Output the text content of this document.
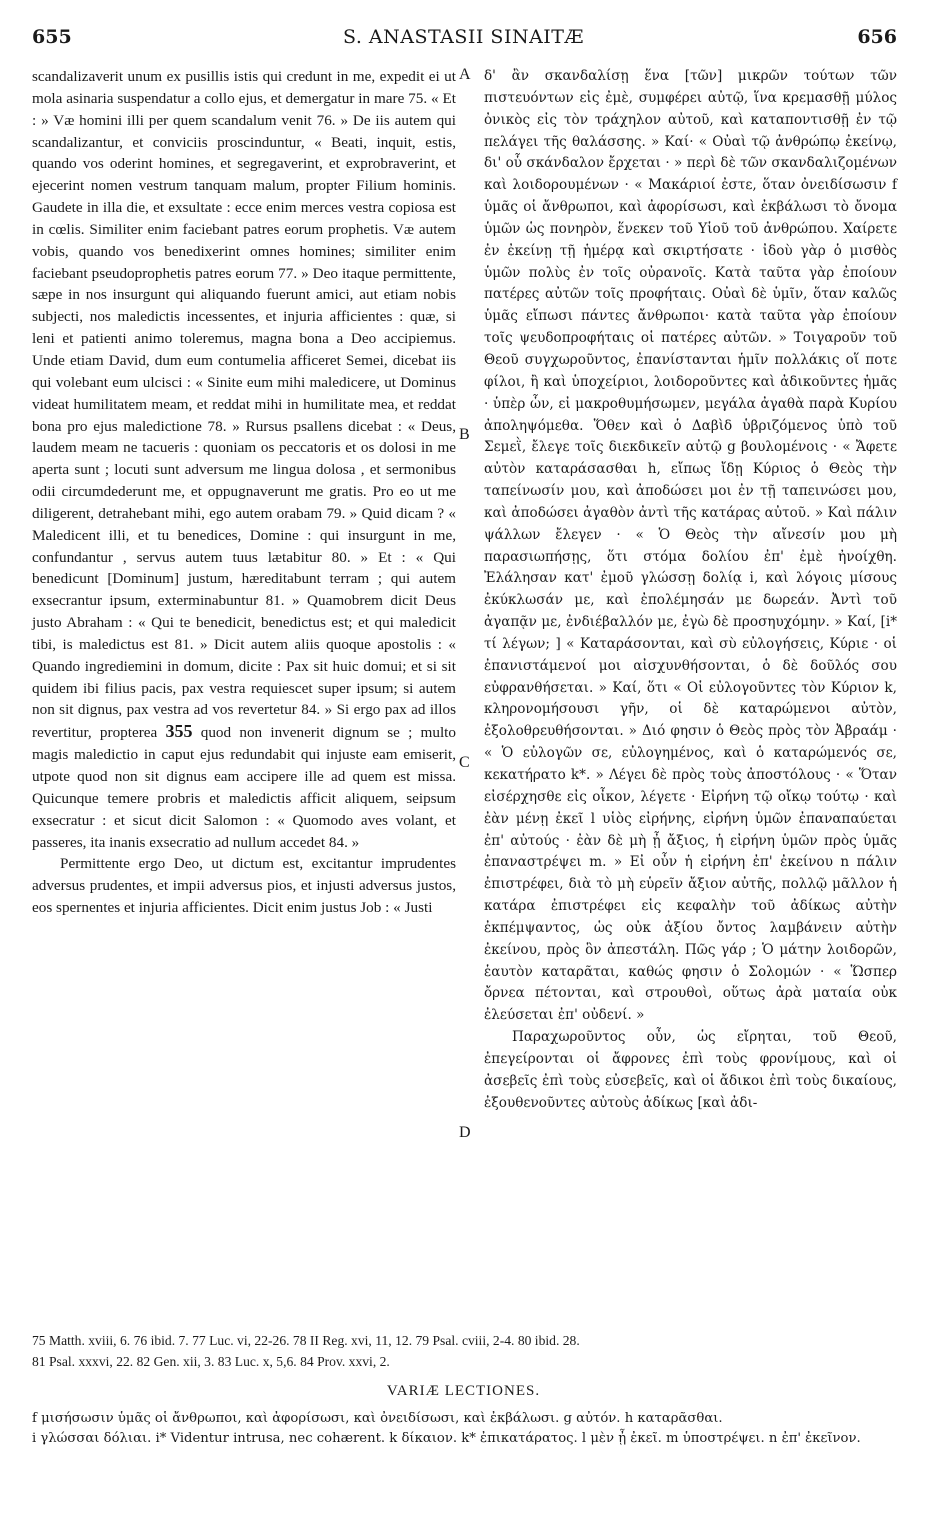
655	S. ANASTASII SINAITÆ	656

scandalizaverit unum ex pusillis istis qui credunt in me, expedit ei ut mola asinaria suspendatur a collo ejus, et demergatur in mare 75. « Et : » Væ homini illi per quem scandalum venit 76. » De iis autem qui scandalizantur, et conviciis proscinduntur, « Beati, inquit, estis, quando vos oderint homines, et segregaverint, et exprobraverint, et ejecerint nomen vestrum tanquam malum, propter Filium hominis. Gaudete in illa die, et exsultate : ecce enim merces vestra copiosa est in cœlis. Similiter enim faciebant patres eorum prophetis. Væ autem vobis, quando vos benedixerint omnes homines; similiter enim faciebant pseudoprophetis patres eorum 77. » Deo itaque permittente, sæpe in nos insurgunt qui aliquando fuerunt amici, aut etiam nobis subjecti, nos maledictis incessentes, et injuria afficientes : quæ, si leni et patienti animo toleremus, magna bona a Deo accipiemus. Unde etiam David, dum eum contumelia afficeret Semei, dicebat iis qui volebant eum ulcisci : « Sinite eum mihi maledicere, ut Dominus videat humilitatem meam, et reddat mihi in humilitate mea, et reddat bona pro ejus maledictione 78. » Rursus psallens dicebat : « Deus, laudem meam ne tacueris : quoniam os peccatoris et os dolosi in me aperta sunt ; locuti sunt adversum me lingua dolosa , et sermonibus odii circumdederunt me, et oppugnaverunt me gratis. Pro eo ut me diligerent, detrahebant mihi, ego autem orabam 79. » Quid dicam ? « Maledicent illi, et tu benedices, Domine : qui insurgunt in me, confundantur , servus autem tuus lætabitur 80. » Et : « Qui benedicunt [Dominum] justum, hæreditabunt terram ; qui autem exsecrantur ipsum, exterminabuntur 81. » Quamobrem dicit Deus justo Abraham : « Qui te benedicit, benedictus est; et qui maledicit tibi, is maledictus est 81. » Dicit autem aliis quoque apostolis : « Quando ingrediemini in domum, dicite : Pax sit huic domui; et si sit quidem ibi filius pacis, pax vestra requiescet super ipsum; si autem non sit dignus, pax vestra ad vos revertetur 84. » Si ergo pax ad illos revertitur, propterea 355 quod non invenerit dignum se ; multo magis maledictio in caput ejus redundabit qui injuste eam emiserit, utpote quod non sit dignus eam accipere ille ad quem est missa. Quicunque temere probris et maledictis afficit aliquem, seipsum exsecratur : et sicut dicit Salomon : « Quomodo aves volant, et passeres, ita inanis exsecratio ad nullum accedet 84. »

Permittente ergo Deo, ut dictum est, excitantur imprudentes adversus prudentes, et impii adversus pios, et injusti adversus justos, eos spernentes et injuria afficientes. Dicit enim justus Job : « Justi

A
B
C
D

δ' ἂν σκανδαλίσῃ ἕνα [τῶν] μικρῶν τούτων τῶν πιστευόντων εἰς ἐμὲ, συμφέρει αὐτῷ, ἵνα κρεμασθῇ μύλος ὀνικὸς εἰς τὸν τράχηλον αὐτοῦ, καὶ καταποντισθῇ ἐν τῷ πελάγει τῆς θαλάσσης. » Καί· « Οὐαὶ τῷ ἀνθρώπῳ ἐκείνῳ, δι' οὗ σκάνδαλον ἔρχεται · » περὶ δὲ τῶν σκανδαλιζομένων καὶ λοιδορουμένων · « Μακάριοί ἐστε, ὅταν ὀνειδίσωσιν f ὑμᾶς οἱ ἄνθρωποι, καὶ ἀφορίσωσι, καὶ ἐκβάλωσι τὸ ὄνομα ὑμῶν ὡς πονηρὸν, ἕνεκεν τοῦ Υἱοῦ τοῦ ἀνθρώπου. Χαίρετε ἐν ἐκείνῃ τῇ ἡμέρᾳ καὶ σκιρτήσατε · ἰδοὺ γὰρ ὁ μισθὸς ὑμῶν πολὺς ἐν τοῖς οὐρανοῖς. Κατὰ ταῦτα γὰρ ἐποίουν πατέρες αὐτῶν τοῖς προφήταις. Οὐαὶ δὲ ὑμῖν, ὅταν καλῶς ὑμᾶς εἴπωσι πάντες ἄνθρωποι· κατὰ ταῦτα γὰρ ἐποίουν τοῖς ψευδοπροφήταις οἱ πατέρες αὐτῶν. » Τοιγαροῦν τοῦ Θεοῦ συγχωροῦντος, ἐπανίστανται ἡμῖν πολλάκις οἵ ποτε φίλοι, ἢ καὶ ὑποχείριοι, λοιδοροῦντες καὶ ἀδικοῦντες ἡμᾶς · ὑπὲρ ὧν, εἰ μακροθυμήσωμεν, μεγάλα ἀγαθὰ παρὰ Κυρίου ἀποληψόμεθα. Ὅθεν καὶ ὁ Δαβὶδ ὑβριζόμενος ὑπὸ τοῦ Σεμεῒ, ἔλεγε τοῖς διεκδικεῖν αὐτῷ g βουλομένοις · « Ἄφετε αὐτὸν καταράσασθαι h, εἴπως ἴδῃ Κύριος ὁ Θεὸς τὴν ταπείνωσίν μου, καὶ ἀποδώσει μοι ἐν τῇ ταπεινώσει μου, καὶ ἀποδώσει ἀγαθὸν ἀντὶ τῆς κατάρας αὐτοῦ. » Καὶ πάλιν ψάλλων ἔλεγεν · « Ὁ Θεὸς τὴν αἴνεσίν μου μὴ παρασιωπήσῃς, ὅτι στόμα δολίου ἐπ' ἐμὲ ἠνοίχθη. Ἐλάλησαν κατ' ἐμοῦ γλώσσῃ δολίᾳ i, καὶ λόγοις μίσους ἐκύκλωσάν με, καὶ ἐπολέμησάν με δωρεάν. Ἀντὶ τοῦ ἀγαπᾷν με, ἐνδιέβαλλόν με, ἐγὼ δὲ προσηυχόμην. » Καί, [i* τί λέγων; ] « Καταράσονται, καὶ σὺ εὐλογήσεις, Κύριε · οἱ ἐπανιστάμενοί μοι αἰσχυνθήσονται, ὁ δὲ δοῦλός σου εὐφρανθήσεται. » Καί, ὅτι « Οἱ εὐλογοῦντες τὸν Κύριον k, κληρονομήσουσι γῆν, οἱ δὲ καταρώμενοι αὐτὸν, ἐξολοθρευθήσονται. » Διό φησιν ὁ Θεὸς πρὸς τὸν Ἀβραάμ · « Ὁ εὐλογῶν σε, εὐλογημένος, καὶ ὁ καταρώμενός σε, κεκατήρατο k*. » Λέγει δὲ πρὸς τοὺς ἀποστόλους · « Ὅταν εἰσέρχησθε εἰς οἶκον, λέγετε · Εἰρήνη τῷ οἴκῳ τούτῳ · καὶ ἐὰν μένῃ ἐκεῖ l υἱὸς εἰρήνης, εἰρήνη ὑμῶν ἐπαναπαύεται ἐπ' αὐτούς · ἐὰν δὲ μὴ ᾖ ἄξιος, ἡ εἰρήνη ὑμῶν πρὸς ὑμᾶς ἐπαναστρέψει m. » Εἰ οὖν ἡ εἰρήνη ἐπ' ἐκείνου n πάλιν ἐπιστρέφει, διὰ τὸ μὴ εὑρεῖν ἄξιον αὐτῆς, πολλῷ μᾶλλον ἡ κατάρα ἐπιστρέφει εἰς κεφαλὴν τοῦ ἀδίκως αὐτὴν ἐκπέμψαντος, ὡς οὐκ ἀξίου ὄντος λαμβάνειν αὐτὴν ἐκείνου, πρὸς ὃν ἀπεστάλη. Πῶς γάρ ; Ὁ μάτην λοιδορῶν, ἑαυτὸν καταρᾶται, καθώς φησιν ὁ Σολομών · « Ὥσπερ ὄρνεα πέτονται, καὶ στρουθοὶ, οὕτως ἀρὰ ματαία οὐκ ἐλεύσεται ἐπ' οὐδενί. »

Παραχωροῦντος οὖν, ὡς εἴρηται, τοῦ Θεοῦ, ἐπεγείρονται οἱ ἄφρονες ἐπὶ τοὺς φρονίμους, καὶ οἱ ἀσεβεῖς ἐπὶ τοὺς εὐσεβεῖς, καὶ οἱ ἄδικοι ἐπὶ τοὺς δικαίους, ἐξουθενοῦντες αὐτοὺς ἀδίκως [καὶ ἀδι-

75 Matth. xviii, 6. 76 ibid. 7. 77 Luc. vi, 22-26. 78 II Reg. xvi, 11, 12. 79 Psal. cviii, 2-4. 80 ibid. 28.
81 Psal. xxxvi, 22. 82 Gen. xii, 3. 83 Luc. x, 5,6. 84 Prov. xxvi, 2.
VARIÆ LECTIONES.
f μισήσωσιν ὑμᾶς οἱ ἄνθρωποι, καὶ ἀφορίσωσι, καὶ ὀνειδίσωσι, καὶ ἐκβάλωσι. g αὐτόν. h καταρᾶσθαι.
i γλώσσαι δόλιαι. i* Videntur intrusa, nec cohærent. k δίκαιον. k* ἐπικατάρατος. l μὲν ᾖ ἐκεῖ. m ὑποστρέψει. n ἐπ' ἐκεῖνον.
